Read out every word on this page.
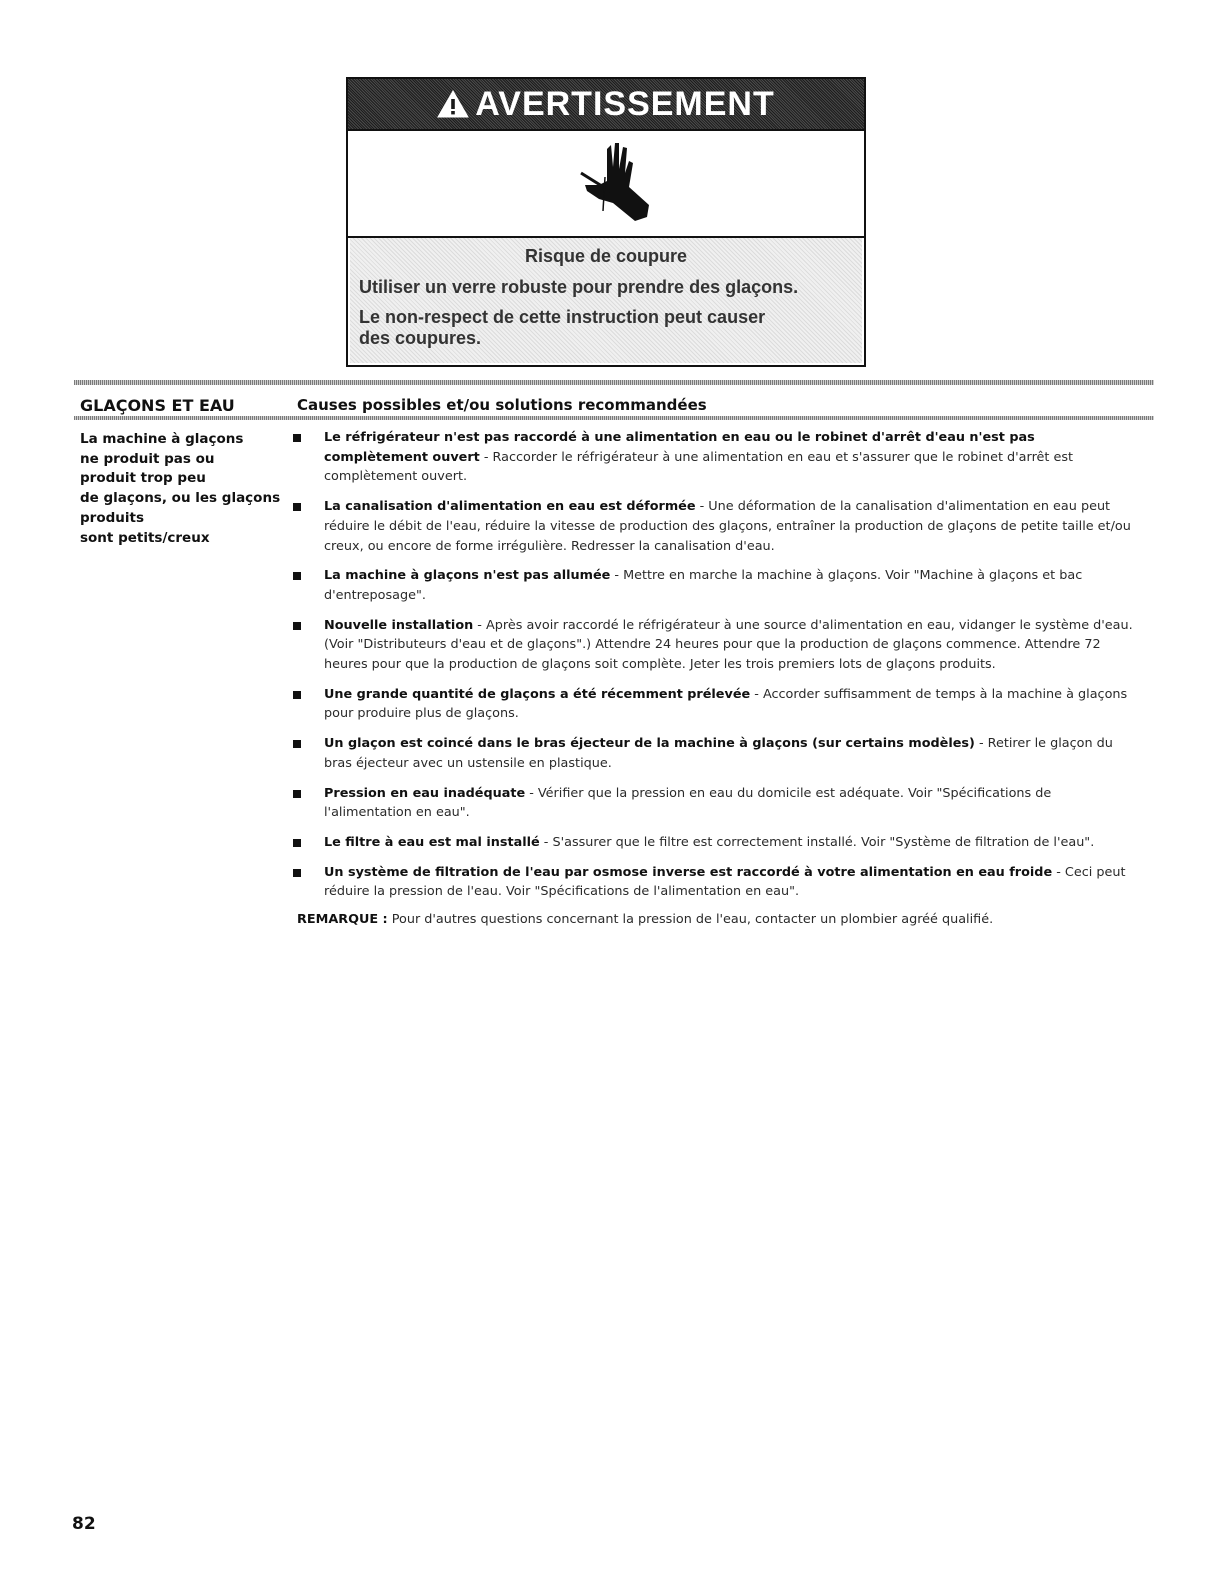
AVERTISSEMENT
Risque de coupure
Utiliser un verre robuste pour prendre des glaçons.
Le non-respect de cette instruction peut causer des coupures.
GLAÇONS ET EAU	Causes possibles et/ou solutions recommandées
La machine à glaçons
ne produit pas ou
produit trop peu
de glaçons, ou les glaçons
produits
sont petits/creux
Le réfrigérateur n'est pas raccordé à une alimentation en eau ou le robinet d'arrêt d'eau n'est pas complètement ouvert - Raccorder le réfrigérateur à une alimentation en eau et s'assurer que le robinet d'arrêt est complètement ouvert.
La canalisation d'alimentation en eau est déformée - Une déformation de la canalisation d'alimentation en eau peut réduire le débit de l'eau, réduire la vitesse de production des glaçons, entraîner la production de glaçons de petite taille et/ou creux, ou encore de forme irrégulière. Redresser la canalisation d'eau.
La machine à glaçons n'est pas allumée - Mettre en marche la machine à glaçons. Voir "Machine à glaçons et bac d'entreposage".
Nouvelle installation - Après avoir raccordé le réfrigérateur à une source d'alimentation en eau, vidanger le système d'eau. (Voir "Distributeurs d'eau et de glaçons".) Attendre 24 heures pour que la production de glaçons commence. Attendre 72 heures pour que la production de glaçons soit complète. Jeter les trois premiers lots de glaçons produits.
Une grande quantité de glaçons a été récemment prélevée - Accorder suffisamment de temps à la machine à glaçons pour produire plus de glaçons.
Un glaçon est coincé dans le bras éjecteur de la machine à glaçons (sur certains modèles) - Retirer le glaçon du bras éjecteur avec un ustensile en plastique.
Pression en eau inadéquate - Vérifier que la pression en eau du domicile est adéquate. Voir "Spécifications de l'alimentation en eau".
Le filtre à eau est mal installé - S'assurer que le filtre est correctement installé. Voir "Système de filtration de l'eau".
Un système de filtration de l'eau par osmose inverse est raccordé à votre alimentation en eau froide - Ceci peut réduire la pression de l'eau. Voir "Spécifications de l'alimentation en eau".
REMARQUE : Pour d'autres questions concernant la pression de l'eau, contacter un plombier agréé qualifié.
82
